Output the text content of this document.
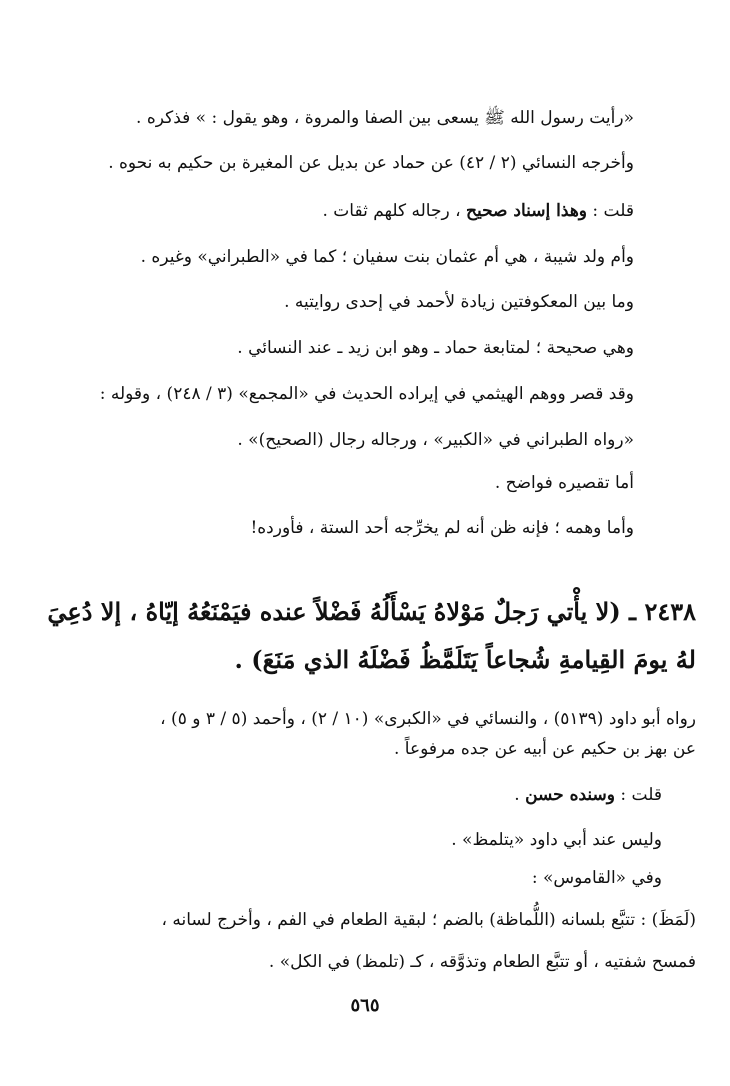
«رأيت رسول الله ﷺ يسعى بين الصفا والمروة ، وهو يقول : » فذكره .
وأخرجه النسائي (٢ / ٤٢) عن حماد عن بديل عن المغيرة بن حكيم به نحوه .
قلت : وهذا إسناد صحيح ، رجاله كلهم ثقات .
وأم ولد شيبة ، هي أم عثمان بنت سفيان ؛ كما في «الطبراني» وغيره .
وما بين المعكوفتين زيادة لأحمد في إحدى روايتيه .
وهي صحيحة ؛ لمتابعة حماد ـ وهو ابن زيد ـ عند النسائي .
وقد قصر ووهم الهيثمي في إيراده الحديث في «المجمع» (٣ / ٢٤٨) ، وقوله :
«رواه الطبراني في «الكبير» ، ورجاله رجال (الصحيح)» .
أما تقصيره فواضح .
وأما وهمه ؛ فإنه ظن أنه لم يخرِّجه أحد الستة ، فأورده!
٢٤٣٨ ـ (لا يأْتي رَجلٌ مَوْلاهُ يَسْأَلُهُ فَضْلاً عنده فيَمْنَعُهُ إيّاهُ ، إلا دُعِيَ
لهُ يومَ القِيامةِ شُجاعاً يَتَلَمَّظُ فَضْلَهُ الذي مَنَعَ) .
رواه أبو داود (٥١٣٩) ، والنسائي في «الكبرى» (١٠ / ٢) ، وأحمد (٥ / ٣ و ٥) ،
عن بهز بن حكيم عن أبيه عن جده مرفوعاً .
قلت : وسنده حسن .
وليس عند أبي داود «يتلمظ» .
وفي «القاموس» :
(لَمَظَ) : تتبَّع بلسانه (اللُّماظة) بالضم ؛ لبقية الطعام في الفم ، وأخرج لسانه ،
فمسح شفتيه ، أو تتبَّع الطعام وتذوَّقه ، كـ (تلمظ) في الكل» .
٥٦٥
